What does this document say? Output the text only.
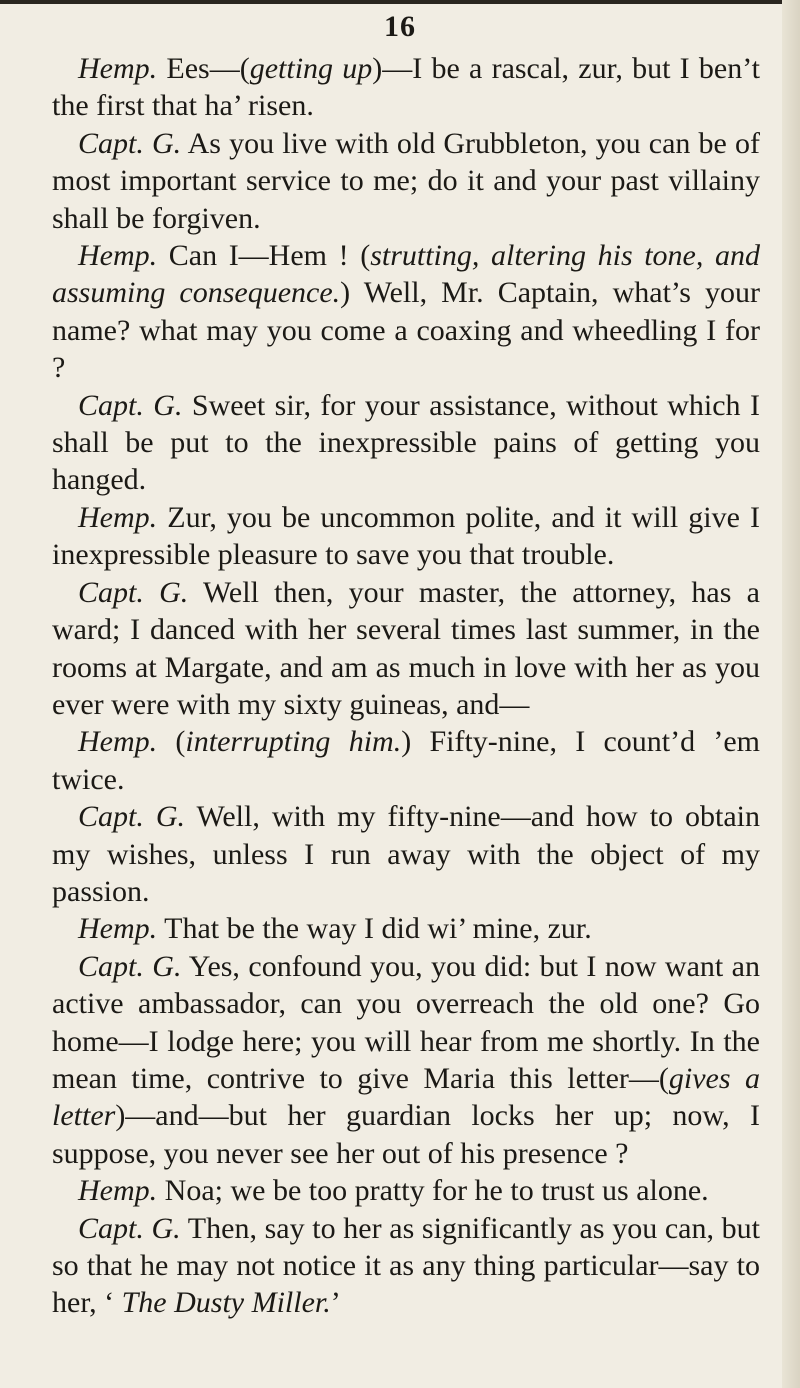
16

Hemp. Ees—(getting up)—I be a rascal, zur, but I ben’t the first that ha’ risen.

Capt. G. As you live with old Grubbleton, you can be of most important service to me; do it and your past villainy shall be forgiven.

Hemp. Can I—Hem ! (strutting, altering his tone, and assuming consequence.) Well, Mr. Captain, what’s your name? what may you come a coaxing and wheedling I for ?

Capt. G. Sweet sir, for your assistance, without which I shall be put to the inexpressible pains of getting you hanged.

Hemp. Zur, you be uncommon polite, and it will give I inexpressible pleasure to save you that trouble.

Capt. G. Well then, your master, the attorney, has a ward; I danced with her several times last summer, in the rooms at Margate, and am as much in love with her as you ever were with my sixty guineas, and—

Hemp. (interrupting him.) Fifty-nine, I count’d ’em twice.

Capt. G. Well, with my fifty-nine—and how to obtain my wishes, unless I run away with the object of my passion.

Hemp. That be the way I did wi’ mine, zur.

Capt. G. Yes, confound you, you did: but I now want an active ambassador, can you overreach the old one? Go home—I lodge here; you will hear from me shortly. In the mean time, contrive to give Maria this letter—(gives a letter)—and—but her guardian locks her up; now, I suppose, you never see her out of his presence ?

Hemp. Noa; we be too pratty for he to trust us alone.

Capt. G. Then, say to her as significantly as you can, but so that he may not notice it as any thing particular—say to her, ‘ The Dusty Miller.’
